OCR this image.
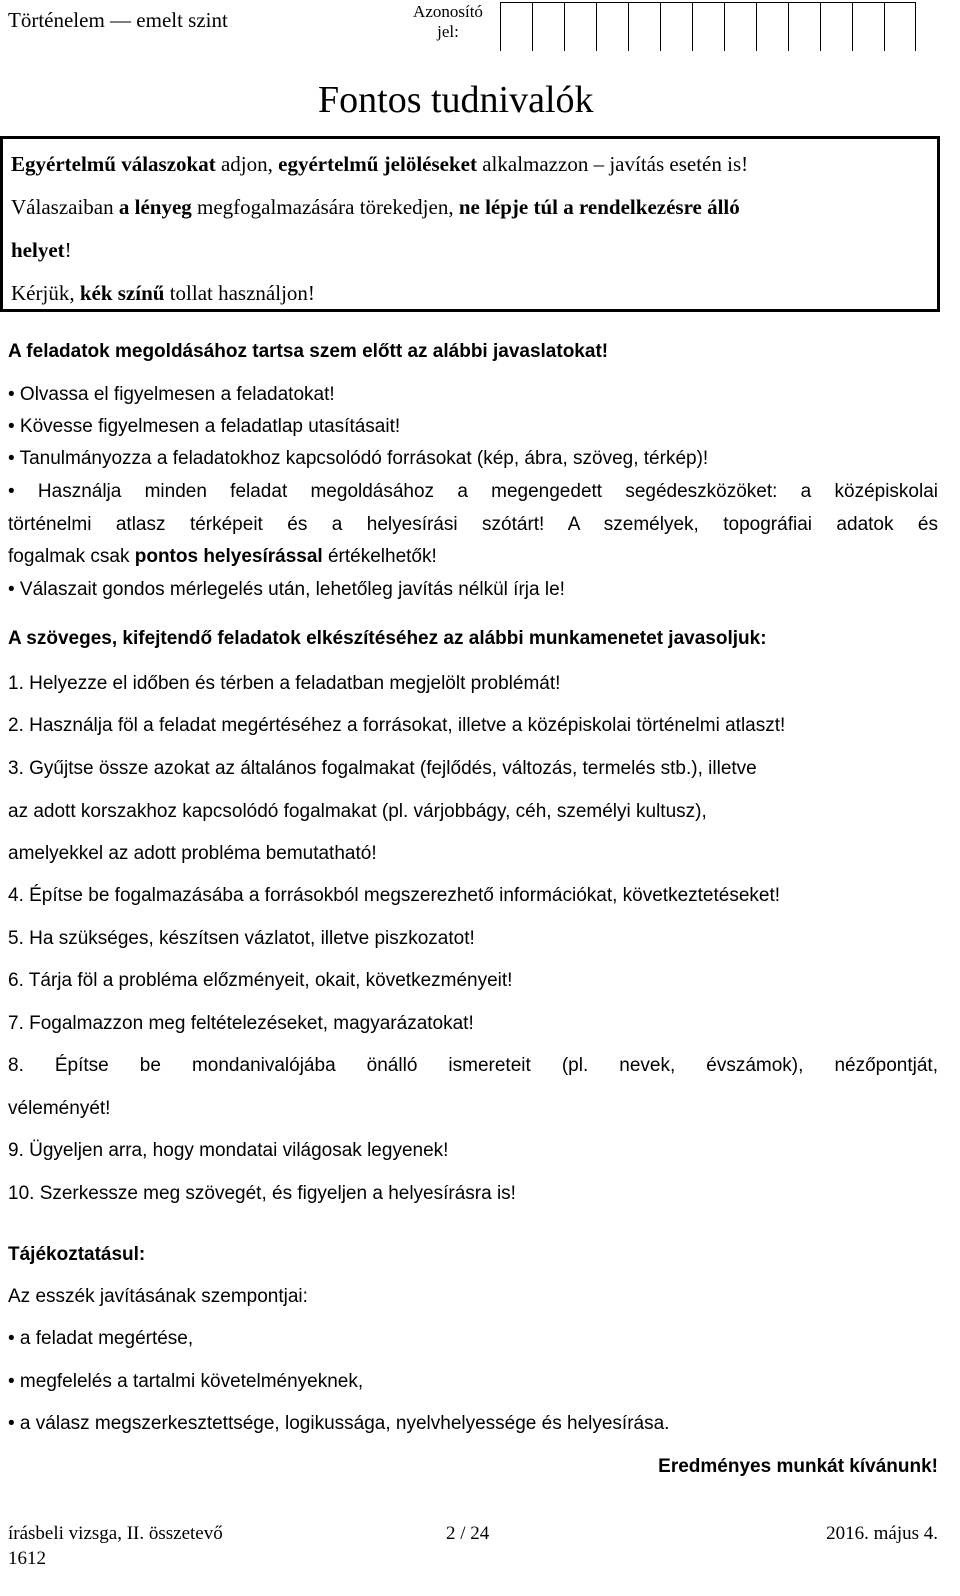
Történelem — emelt szint	Azonosító jel:
Fontos tudnivalók

Egyértelmű válaszokat adjon, egyértelmű jelöléseket alkalmazzon – javítás esetén is!

Válaszaiban a lényeg megfogalmazására törekedjen, ne lépje túl a rendelkezésre álló

helyet!

Kérjük, kék színű tollat használjon!

A feladatok megoldásához tartsa szem előtt az alábbi javaslatokat!
• Olvassa el figyelmesen a feladatokat!
• Kövesse figyelmesen a feladatlap utasításait!
• Tanulmányozza a feladatokhoz kapcsolódó forrásokat (kép, ábra, szöveg, térkép)!
• Használja minden feladat megoldásához a megengedett segédeszközöket: a középiskolai
történelmi atlasz térképeit és a helyesírási szótárt! A személyek, topográfiai adatok és
fogalmak csak pontos helyesírással értékelhetők!
• Válaszait gondos mérlegelés után, lehetőleg javítás nélkül írja le!
A szöveges, kifejtendő feladatok elkészítéséhez az alábbi munkamenetet javasoljuk:
1. Helyezze el időben és térben a feladatban megjelölt problémát!
2. Használja föl a feladat megértéséhez a forrásokat, illetve a középiskolai történelmi atlaszt!
3. Gyűjtse össze azokat az általános fogalmakat (fejlődés, változás, termelés stb.), illetve
az adott korszakhoz kapcsolódó fogalmakat (pl. várjobbágy, céh, személyi kultusz),
amelyekkel az adott probléma bemutatható!
4. Építse be fogalmazásába a forrásokból megszerezhető információkat, következtetéseket!
5. Ha szükséges, készítsen vázlatot, illetve piszkozatot!
6. Tárja föl a probléma előzményeit, okait, következményeit!
7. Fogalmazzon meg feltételezéseket, magyarázatokat!
8. Építse be mondanivalójába önálló ismereteit (pl. nevek, évszámok), nézőpontját,
véleményét!
9. Ügyeljen arra, hogy mondatai világosak legyenek!
10. Szerkessze meg szövegét, és figyeljen a helyesírásra is!
Tájékoztatásul:
Az esszék javításának szempontjai:
• a feladat megértése,
• megfelelés a tartalmi követelményeknek,
• a válasz megszerkesztettsége, logikussága, nyelvhelyessége és helyesírása.
Eredményes munkát kívánunk!
írásbeli vizsga, II. összetevő	2 / 24	2016. május 4.
1612
